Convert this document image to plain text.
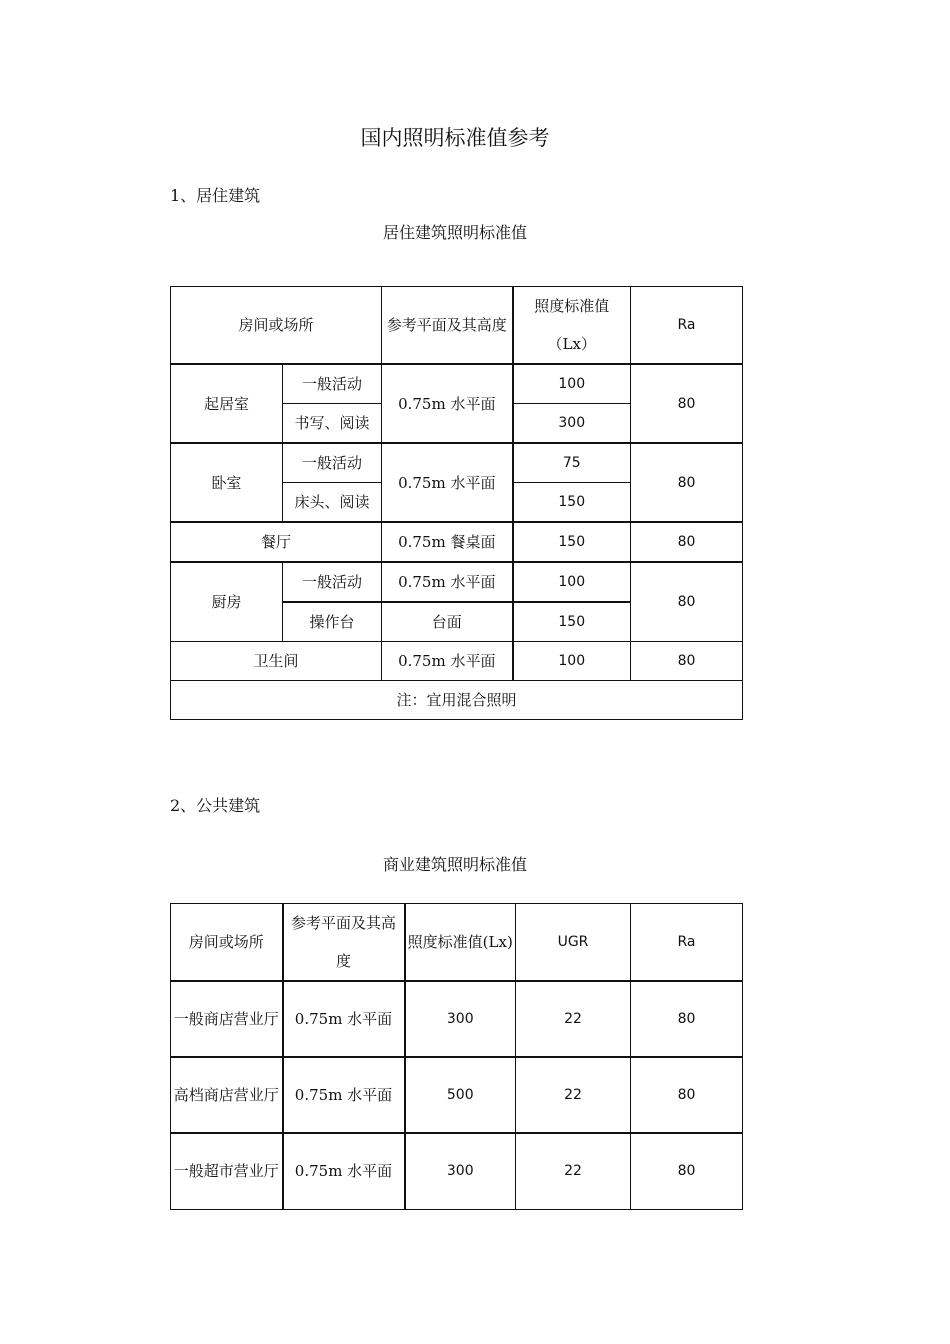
国内照明标准值参考
1、居住建筑
居住建筑照明标准值
房间或场所		参考平面及其高度	照度标准值（Lx）	Ra
起居室	一般活动	0.75m 水平面	100	80
	书写、阅读		300	
卧室	一般活动	0.75m 水平面	75	80
	床头、阅读		150	
餐厅		0.75m 餐桌面	150	80
厨房	一般活动	0.75m 水平面	100	80
	操作台	台面	150	
卫生间		0.75m 水平面	100	80
注：宜用混合照明				
2、公共建筑
商业建筑照明标准值
房间或场所	参考平面及其高度	照度标准值(Lx)	UGR	Ra
一般商店营业厅	0.75m 水平面	300	22	80
高档商店营业厅	0.75m 水平面	500	22	80
一般超市营业厅	0.75m 水平面	300	22	80
